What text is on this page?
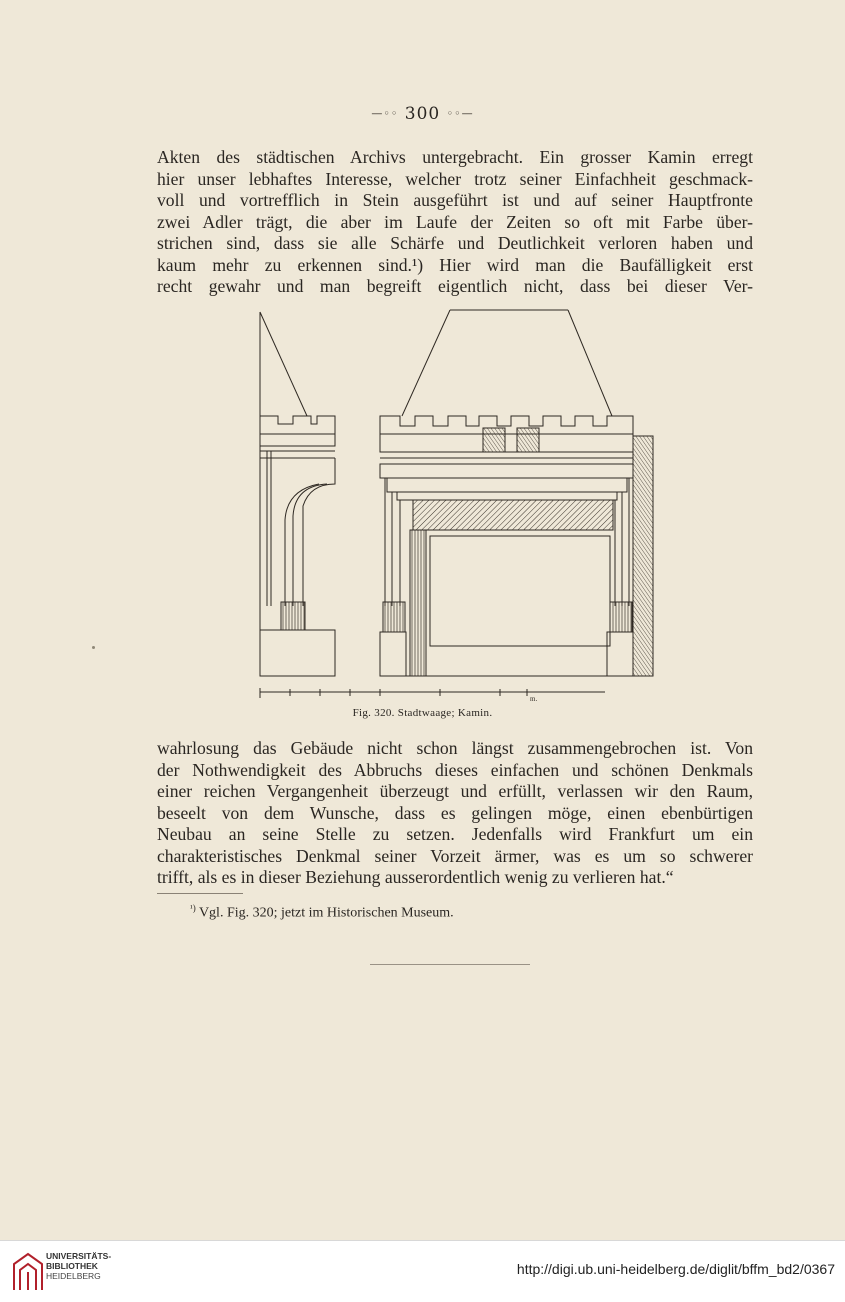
—◦◦ 300 ◦◦—
Akten des städtischen Archivs untergebracht. Ein grosser Kamin erregt
hier unser lebhaftes Interesse, welcher trotz seiner Einfachheit geschmack-
voll und vortrefflich in Stein ausgeführt ist und auf seiner Hauptfronte
zwei Adler trägt, die aber im Laufe der Zeiten so oft mit Farbe über-
strichen sind, dass sie alle Schärfe und Deutlichkeit verloren haben und
kaum mehr zu erkennen sind.¹) Hier wird man die Baufälligkeit erst
recht gewahr und man begreift eigentlich nicht, dass bei dieser Ver-
m.
Fig. 320. Stadtwaage; Kamin.
wahrlosung das Gebäude nicht schon längst zusammengebrochen ist. Von
der Nothwendigkeit des Abbruchs dieses einfachen und schönen Denkmals
einer reichen Vergangenheit überzeugt und erfüllt, verlassen wir den Raum,
beseelt von dem Wunsche, dass es gelingen möge, einen ebenbürtigen
Neubau an seine Stelle zu setzen. Jedenfalls wird Frankfurt um ein
charakteristisches Denkmal seiner Vorzeit ärmer, was es um so schwerer
trifft, als es in dieser Beziehung ausserordentlich wenig zu verlieren hat.“
$^{^1)}$ Vgl. Fig. 320; jetzt im Historischen Museum.
UNIVERSITÄTS-
BIBLIOTHEK
HEIDELBERG	http://digi.ub.uni-heidelberg.de/diglit/bffm_bd2/0367
